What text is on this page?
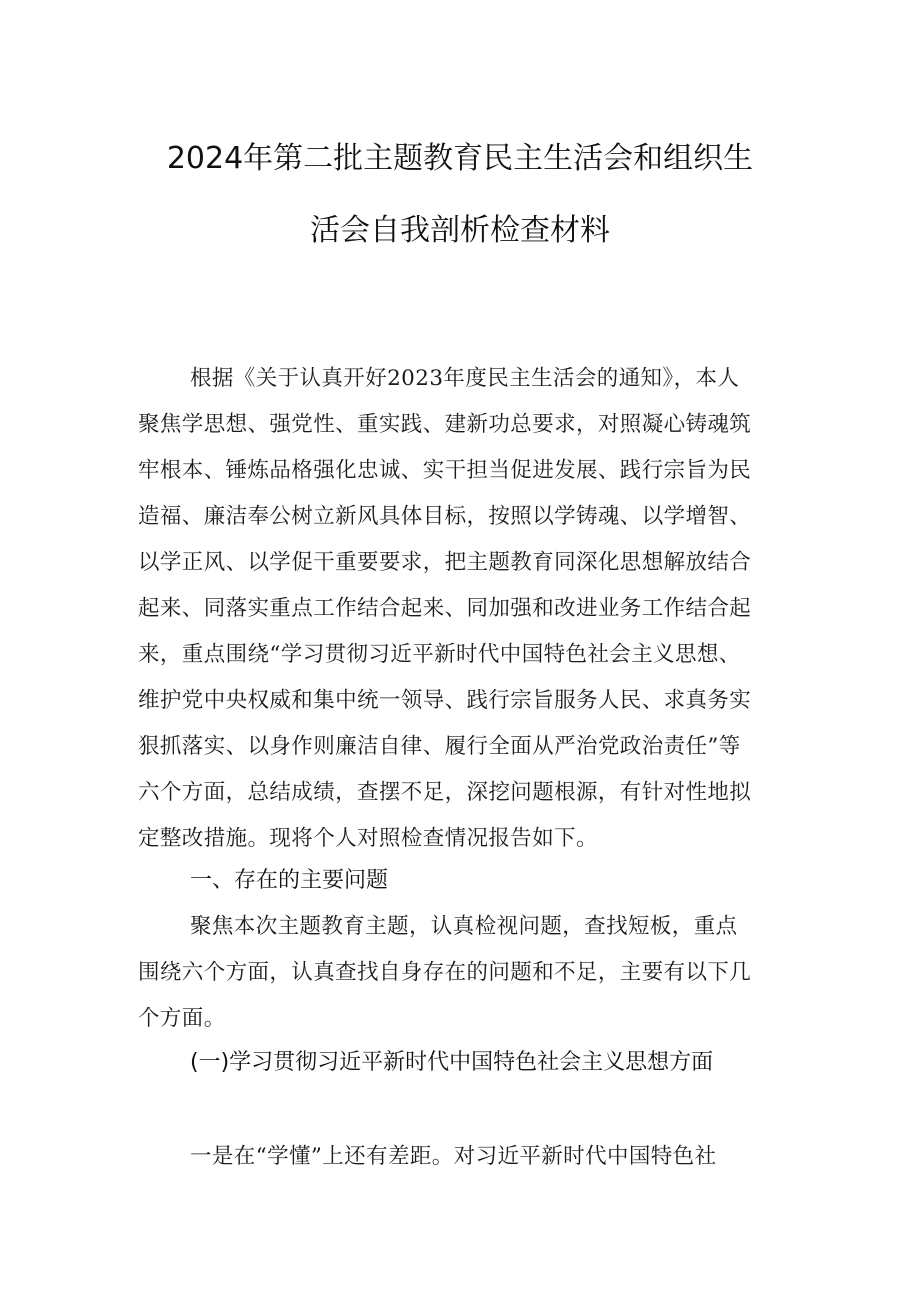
2024年第二批主题教育民主生活会和组织生
活会自我剖析检查材料
根据《关于认真开好2023年度民主生活会的通知》，本人
聚焦学思想、强党性、重实践、建新功总要求，对照凝心铸魂筑
牢根本、锤炼品格强化忠诚、实干担当促进发展、践行宗旨为民
造福、廉洁奉公树立新风具体目标，按照以学铸魂、以学增智、
以学正风、以学促干重要要求，把主题教育同深化思想解放结合
起来、同落实重点工作结合起来、同加强和改进业务工作结合起
来，重点围绕“学习贯彻习近平新时代中国特色社会主义思想、
维护党中央权威和集中统一领导、践行宗旨服务人民、求真务实
狠抓落实、以身作则廉洁自律、履行全面从严治党政治责任”等
六个方面，总结成绩，查摆不足，深挖问题根源，有针对性地拟
定整改措施。现将个人对照检查情况报告如下。
一、存在的主要问题
聚焦本次主题教育主题，认真检视问题，查找短板，重点
围绕六个方面，认真查找自身存在的问题和不足，主要有以下几
个方面。
(一)学习贯彻习近平新时代中国特色社会主义思想方面
一是在“学懂”上还有差距。对习近平新时代中国特色社
